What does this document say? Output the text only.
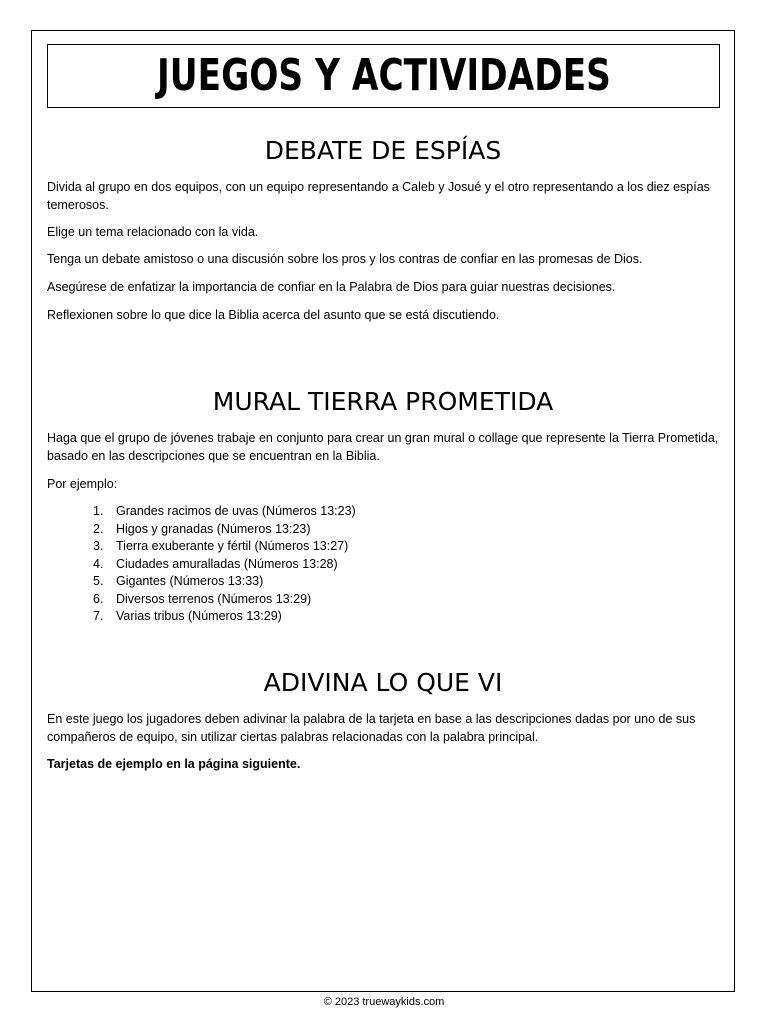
JUEGOS Y ACTIVIDADES
DEBATE DE ESPÍAS

Divida al grupo en dos equipos, con un equipo representando a Caleb y Josué y el otro representando a los diez espías temerosos.

Elige un tema relacionado con la vida.

Tenga un debate amistoso o una discusión sobre los pros y los contras de confiar en las promesas de Dios.

Asegúrese de enfatizar la importancia de confiar en la Palabra de Dios para guiar nuestras decisiones.

Reflexionen sobre lo que dice la Biblia acerca del asunto que se está discutiendo.

MURAL TIERRA PROMETIDA

Haga que el grupo de jóvenes trabaje en conjunto para crear un gran mural o collage que represente la Tierra Prometida, basado en las descripciones que se encuentran en la Biblia.

Por ejemplo:

1.	Grandes racimos de uvas (Números 13:23)
2.	Higos y granadas (Números 13:23)
3.	Tierra exuberante y fértil (Números 13:27)
4.	Ciudades amuralladas (Números 13:28)
5.	Gigantes (Números 13:33)
6.	Diversos terrenos (Números 13:29)
7.	Varias tribus (Números 13:29)
ADIVINA LO QUE VI

En este juego los jugadores deben adivinar la palabra de la tarjeta en base a las descripciones dadas por uno de sus compañeros de equipo, sin utilizar ciertas palabras relacionadas con la palabra principal.

Tarjetas de ejemplo en la página siguiente.

© 2023 truewaykids.com
